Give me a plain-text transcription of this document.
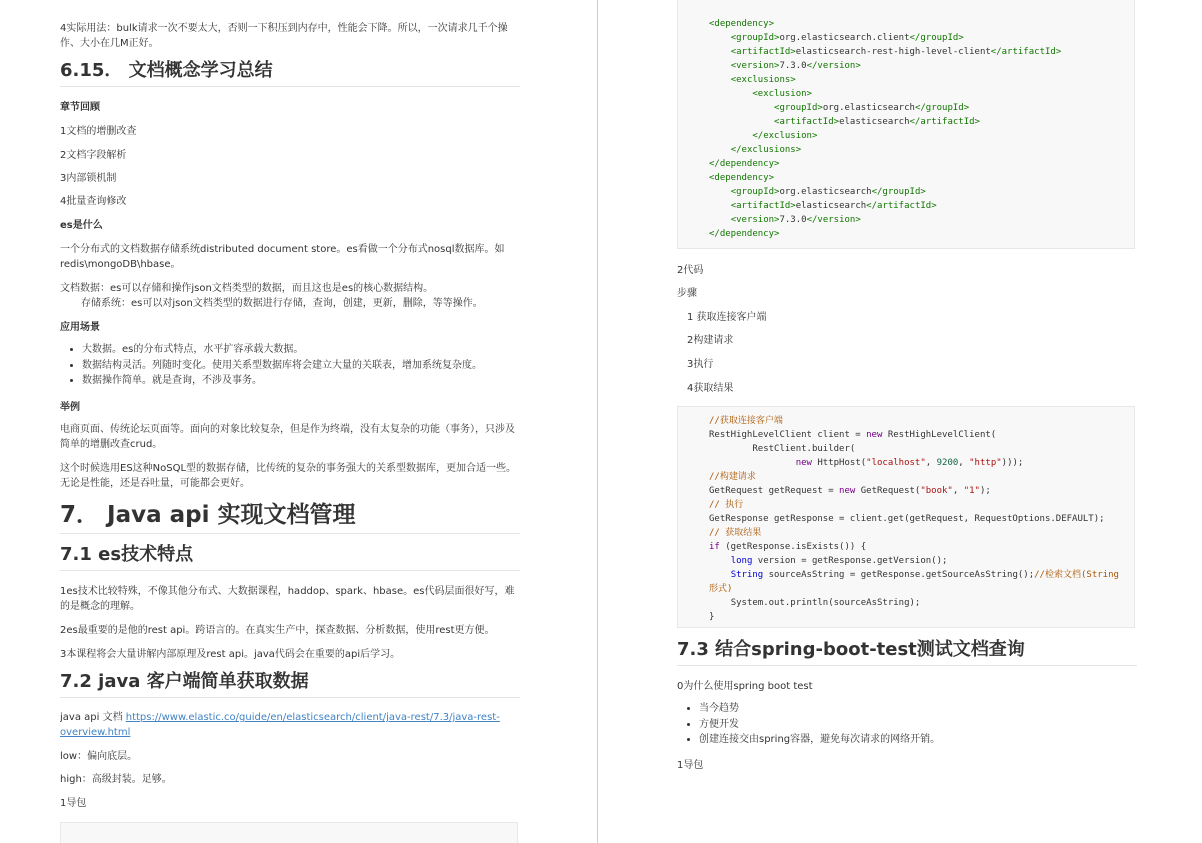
4实际用法：bulk请求一次不要太大，否则一下积压到内存中，性能会下降。所以，一次请求几千个操作、大小在几M正好。

6.15． 文档概念学习总结

章节回顾

1文档的增删改查

2文档字段解析

3内部锁机制

4批量查询修改

es是什么

一个分布式的文档数据存储系统distributed document store。es看做一个分布式nosql数据库。如redis\mongoDB\hbase。

文档数据：es可以存储和操作json文档类型的数据，而且这也是es的核心数据结构。

存储系统：es可以对json文档类型的数据进行存储，查询，创建，更新，删除，等等操作。

应用场景

• 大数据。es的分布式特点，水平扩容承载大数据。
• 数据结构灵活。列随时变化。使用关系型数据库将会建立大量的关联表，增加系统复杂度。
• 数据操作简单。就是查询，不涉及事务。

举例

电商页面、传统论坛页面等。面向的对象比较复杂，但是作为终端，没有太复杂的功能（事务），只涉及简单的增删改查crud。

这个时候选用ES这种NoSQL型的数据存储，比传统的复杂的事务强大的关系型数据库，更加合适一些。无论是性能，还是吞吐量，可能都会更好。

7． Java api 实现文档管理
7.1 es技术特点

1es技术比较特殊，不像其他分布式、大数据课程，haddop、spark、hbase。es代码层面很好写，难的是概念的理解。

2es最重要的是他的rest api。跨语言的。在真实生产中，探查数据、分析数据，使用rest更方便。

3本课程将会大量讲解内部原理及rest api。java代码会在重要的api后学习。

7.2 java 客户端简单获取数据

java api 文档 https://www.elastic.co/guide/en/elasticsearch/client/java-rest/7.3/java-rest-overview.html

low：偏向底层。

high：高级封装。足够。

1导包

<dependency>
<groupId>org.elasticsearch.client</groupId>
<artifactId>elasticsearch-rest-high-level-client</artifactId>
<version>7.3.0</version>
<exclusions>
<exclusion>
<groupId>org.elasticsearch</groupId>
<artifactId>elasticsearch</artifactId>
</exclusion>
</exclusions>
</dependency>
<dependency>
<groupId>org.elasticsearch</groupId>
<artifactId>elasticsearch</artifactId>
<version>7.3.0</version>
</dependency>

2代码

步骤

1 获取连接客户端

2构建请求

3执行

4获取结果

//获取连接客户端
RestHighLevelClient client = new RestHighLevelClient(
RestClient.builder(
new HttpHost("localhost", 9200, "http")));
//构建请求
GetRequest getRequest = new GetRequest("book", "1");
// 执行
GetResponse getResponse = client.get(getRequest, RequestOptions.DEFAULT);
// 获取结果
if (getResponse.isExists()) {
long version = getResponse.getVersion();
String sourceAsString = getResponse.getSourceAsString();//检索文档(String形式)
System.out.println(sourceAsString);
}
7.3 结合spring-boot-test测试文档查询

0为什么使用spring boot test

• 当今趋势
• 方便开发
• 创建连接交由spring容器，避免每次请求的网络开销。

1导包
